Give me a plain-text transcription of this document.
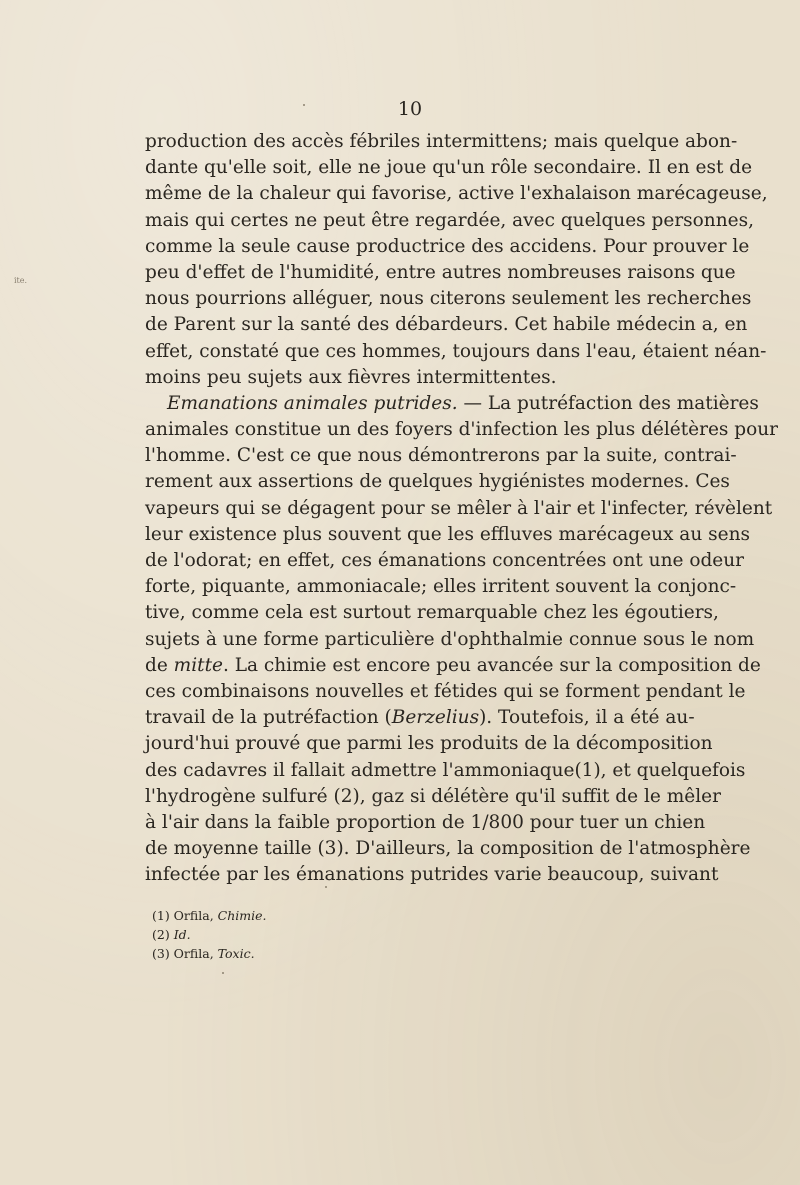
ite.
10
production des accès fébriles intermittens; mais quelque abon-
dante qu'elle soit, elle ne joue qu'un rôle secondaire. Il en est de
même de la chaleur qui favorise, active l'exhalaison marécageuse,
mais qui certes ne peut être regardée, avec quelques personnes,
comme la seule cause productrice des accidens. Pour prouver le
peu d'effet de l'humidité, entre autres nombreuses raisons que
nous pourrions alléguer, nous citerons seulement les recherches
de Parent sur la santé des débardeurs. Cet habile médecin a, en
effet, constaté que ces hommes, toujours dans l'eau, étaient néan-
moins peu sujets aux fièvres intermittentes.
Emanations animales putrides. — La putréfaction des matières
animales constitue un des foyers d'infection les plus délétères pour
l'homme. C'est ce que nous démontrerons par la suite, contrai-
rement aux assertions de quelques hygiénistes modernes. Ces
vapeurs qui se dégagent pour se mêler à l'air et l'infecter, révèlent
leur existence plus souvent que les effluves marécageux au sens
de l'odorat; en effet, ces émanations concentrées ont une odeur
forte, piquante, ammoniacale; elles irritent souvent la conjonc-
tive, comme cela est surtout remarquable chez les égoutiers,
sujets à une forme particulière d'ophthalmie connue sous le nom
de mitte. La chimie est encore peu avancée sur la composition de
ces combinaisons nouvelles et fétides qui se forment pendant le
travail de la putréfaction (Berzelius). Toutefois, il a été au-
jourd'hui prouvé que parmi les produits de la décomposition
des cadavres il fallait admettre l'ammoniaque(1), et quelquefois
l'hydrogène sulfuré (2), gaz si délétère qu'il suffit de le mêler
à l'air dans la faible proportion de 1/800 pour tuer un chien
de moyenne taille (3). D'ailleurs, la composition de l'atmosphère
infectée par les émanations putrides varie beaucoup, suivant
(1) Orfila, Chimie.
(2) Id.
(3) Orfila, Toxic.
